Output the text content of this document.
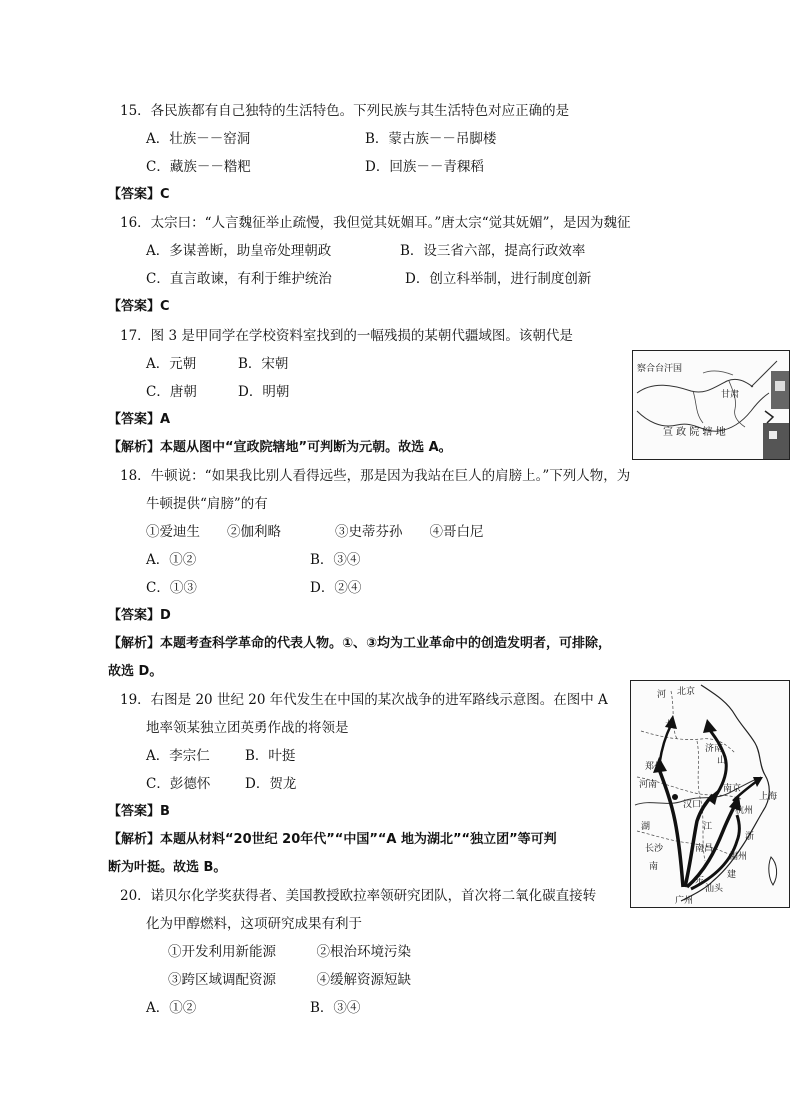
15．各民族都有自己独特的生活特色。下列民族与其生活特色对应正确的是
A．壮族－－窑洞	B．蒙古族－－吊脚楼
C．藏族－－糌粑	D．回族－－青稞稻
【答案】C
16．太宗曰：“人言魏征举止疏慢，我但觉其妩媚耳。”唐太宗“觉其妩媚”，是因为魏征
A．多谋善断，助皇帝处理朝政	B．设三省六部，提高行政效率
C．直言敢谏，有利于维护统治	D．创立科举制，进行制度创新
【答案】C
17．图 3 是甲同学在学校资料室找到的一幅残损的某朝代疆域图。该朝代是
A．元朝	B．宋朝
C．唐朝	D．明朝
【答案】A
【解析】本题从图中“宣政院辖地”可判断为元朝。故选 A。
察合台汗国
甘肃
宣 政 院 辖 地
18．牛顿说：“如果我比别人看得远些，那是因为我站在巨人的肩膀上。”下列人物，为
牛顿提供“肩膀”的有
①爱迪生　　②伽利略　　　　③史蒂芬孙　　④哥白尼
A．①②	B．③④
C．①③	D．②④
【答案】D
【解析】本题考查科学革命的代表人物。①、③均为工业革命中的创造发明者，可排除，
故选 D。
19．右图是 20 世纪 20 年代发生在中国的某次战争的进军路线示意图。在图中 A
地率领某独立团英勇作战的将领是
A．李宗仁	B．叶挺
C．彭德怀	D．贺龙
【答案】B
【解析】本题从材料“20世纪 20年代”“中国”“A 地为湖北”“独立团”等可判
断为叶挺。故选 B。
北京
河
北
济南
山
郑州
河南	南京
上海
汉口
杭州
湖	江
长沙	南昌
浙
福州
建
南
汕头
广州
东
20．诺贝尔化学奖获得者、美国教授欧拉率领研究团队，首次将二氧化碳直接转
化为甲醇燃料，这项研究成果有利于
①开发利用新能源　　　②根治环境污染
③跨区域调配资源　　　④缓解资源短缺
A．①②	B．③④
